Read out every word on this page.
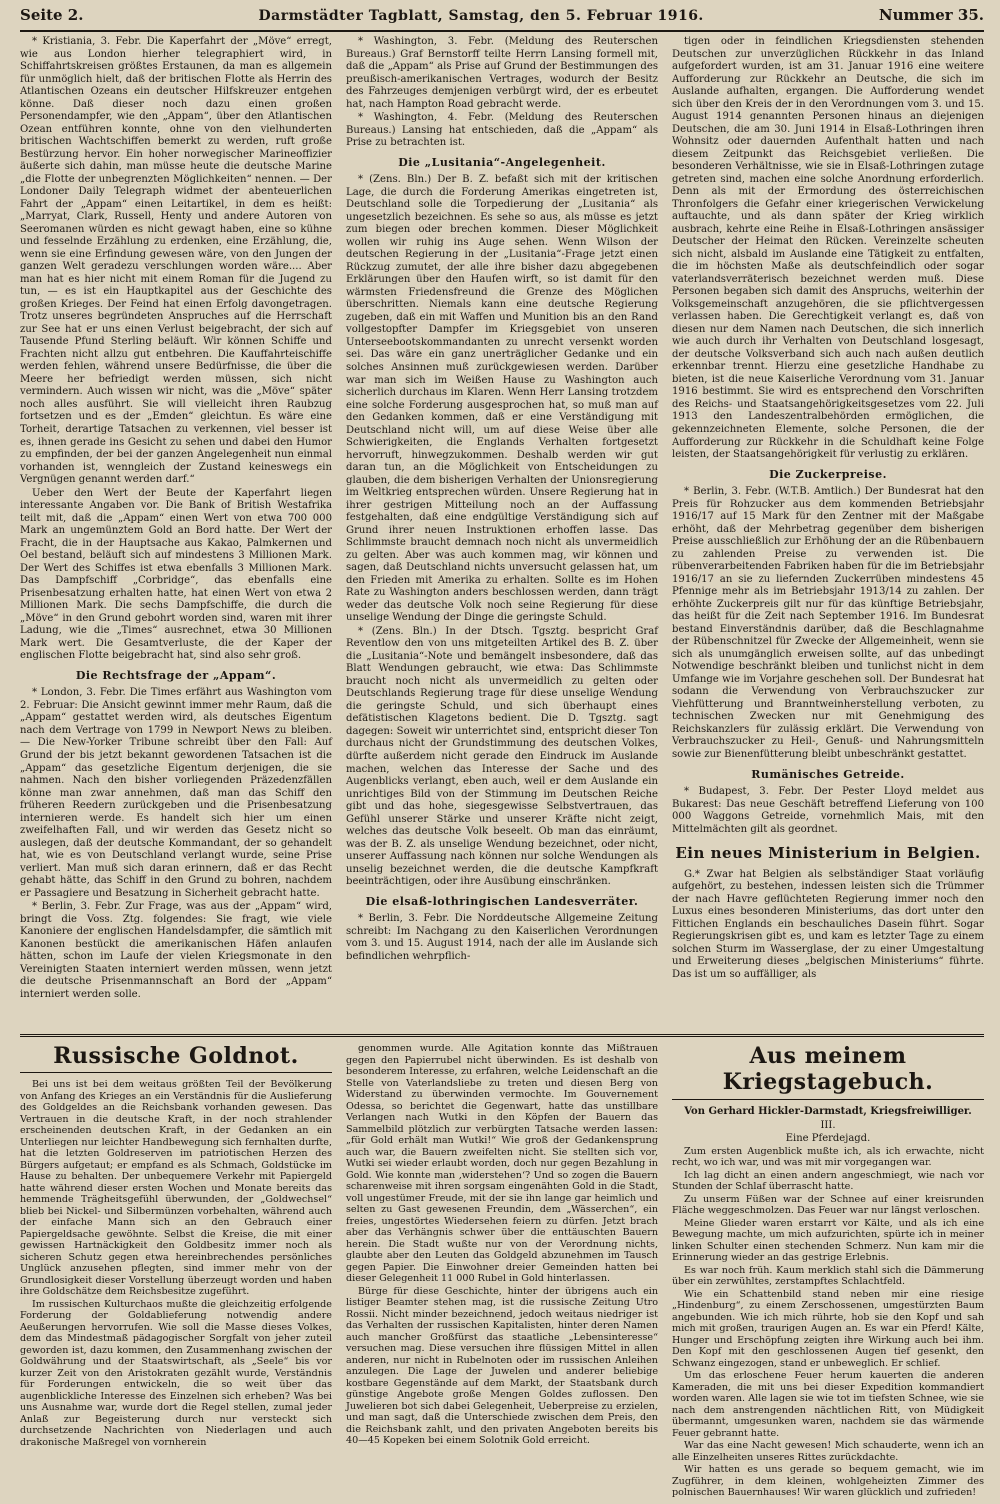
Seite 2.	Darmstädter Tagblatt, Samstag, den 5. Februar 1916.	Nummer 35.

* Kristiania, 3. Febr. Die Kaperfahrt der „Möve“ erregt, wie aus London hierher telegraphiert wird, in Schiffahrtskreisen größtes Erstaunen, da man es allgemein für unmöglich hielt, daß der britischen Flotte als Herrin des Atlantischen Ozeans ein deutscher Hilfskreuzer entgehen könne. Daß dieser noch dazu einen großen Personendampfer, wie den „Appam“, über den Atlantischen Ozean entführen konnte, ohne von den vielhunderten britischen Wachtschiffen bemerkt zu werden, ruft große Bestürzung hervor. Ein hoher norwegischer Marineoffizier äußerte sich dahin, man müsse heute die deutsche Marine „die Flotte der unbegrenzten Möglichkeiten“ nennen. — Der Londoner Daily Telegraph widmet der abenteuerlichen Fahrt der „Appam“ einen Leitartikel, in dem es heißt: „Marryat, Clark, Russell, Henty und andere Autoren von Seeromanen würden es nicht gewagt haben, eine so kühne und fesselnde Erzählung zu erdenken, eine Erzählung, die, wenn sie eine Erfindung gewesen wäre, von den Jungen der ganzen Welt geradezu verschlungen worden wäre.... Aber man hat es hier nicht mit einem Roman für die Jugend zu tun, — es ist ein Hauptkapitel aus der Geschichte des großen Krieges. Der Feind hat einen Erfolg davongetragen. Trotz unseres begründeten Anspruches auf die Herrschaft zur See hat er uns einen Verlust beigebracht, der sich auf Tausende Pfund Sterling beläuft. Wir können Schiffe und Frachten nicht allzu gut entbehren. Die Kauffahrteischiffe werden fehlen, während unsere Bedürfnisse, die über die Meere her befriedigt werden müssen, sich nicht vermindern. Auch wissen wir nicht, was die „Möve“ später noch alles ausführt. Sie will vielleicht ihren Raubzug fortsetzen und es der „Emden“ gleichtun. Es wäre eine Torheit, derartige Tatsachen zu verkennen, viel besser ist es, ihnen gerade ins Gesicht zu sehen und dabei den Humor zu empfinden, der bei der ganzen Angelegenheit nun einmal vorhanden ist, wenngleich der Zustand keineswegs ein Vergnügen genannt werden darf.“

Ueber den Wert der Beute der Kaperfahrt liegen interessante Angaben vor. Die Bank of British Westafrika teilt mit, daß die „Appam“ einen Wert von etwa 700 000 Mark an ungemünztem Gold an Bord hatte. Der Wert der Fracht, die in der Hauptsache aus Kakao, Palmkernen und Oel bestand, beläuft sich auf mindestens 3 Millionen Mark. Der Wert des Schiffes ist etwa ebenfalls 3 Millionen Mark. Das Dampfschiff „Corbridge“, das ebenfalls eine Prisenbesatzung erhalten hatte, hat einen Wert von etwa 2 Millionen Mark. Die sechs Dampfschiffe, die durch die „Möve“ in den Grund gebohrt worden sind, waren mit ihrer Ladung, wie die „Times“ ausrechnet, etwa 30 Millionen Mark wert. Die Gesamtverluste, die der Kaper der englischen Flotte beigebracht hat, sind also sehr groß.

Die Rechtsfrage der „Appam“.

* London, 3. Febr. Die Times erfährt aus Washington vom 2. Februar: Die Ansicht gewinnt immer mehr Raum, daß die „Appam“ gestattet werden wird, als deutsches Eigentum nach dem Vertrage von 1799 in Newport News zu bleiben. — Die New-Yorker Tribune schreibt über den Fall: Auf Grund der bis jetzt bekannt gewordenen Tatsachen ist die „Appam“ das gesetzliche Eigentum derjenigen, die sie nahmen. Nach den bisher vorliegenden Präzedenzfällen könne man zwar annehmen, daß man das Schiff den früheren Reedern zurückgeben und die Prisenbesatzung internieren werde. Es handelt sich hier um einen zweifelhaften Fall, und wir werden das Gesetz nicht so auslegen, daß der deutsche Kommandant, der so gehandelt hat, wie es von Deutschland verlangt wurde, seine Prise verliert. Man muß sich daran erinnern, daß er das Recht gehabt hätte, das Schiff in den Grund zu bohren, nachdem er Passagiere und Besatzung in Sicherheit gebracht hatte.

* Berlin, 3. Febr. Zur Frage, was aus der „Appam“ wird, bringt die Voss. Ztg. folgendes: Sie fragt, wie viele Kanoniere der englischen Handelsdampfer, die sämtlich mit Kanonen bestückt die amerikanischen Häfen anlaufen hätten, schon im Laufe der vielen Kriegsmonate in den Vereinigten Staaten interniert werden müssen, wenn jetzt die deutsche Prisenmannschaft an Bord der „Appam“ interniert werden solle.

* Washington, 3. Febr. (Meldung des Reuterschen Bureaus.) Graf Bernstorff teilte Herrn Lansing formell mit, daß die „Appam“ als Prise auf Grund der Bestimmungen des preußisch-amerikanischen Vertrages, wodurch der Besitz des Fahrzeuges demjenigen verbürgt wird, der es erbeutet hat, nach Hampton Road gebracht werde.

* Washington, 4. Febr. (Meldung des Reuterschen Bureaus.) Lansing hat entschieden, daß die „Appam“ als Prise zu betrachten ist.

Die „Lusitania“-Angelegenheit.

* (Zens. Bln.) Der B. Z. befaßt sich mit der kritischen Lage, die durch die Forderung Amerikas eingetreten ist, Deutschland solle die Torpedierung der „Lusitania“ als ungesetzlich bezeichnen. Es sehe so aus, als müsse es jetzt zum biegen oder brechen kommen. Dieser Möglichkeit wollen wir ruhig ins Auge sehen. Wenn Wilson der deutschen Regierung in der „Lusitania“-Frage jetzt einen Rückzug zumutet, der alle ihre bisher dazu abgegebenen Erklärungen über den Haufen wirft, so ist damit für den wärmsten Friedensfreund die Grenze des Möglichen überschritten. Niemals kann eine deutsche Regierung zugeben, daß ein mit Waffen und Munition bis an den Rand vollgestopfter Dampfer im Kriegsgebiet von unseren Unterseebootskommandanten zu unrecht versenkt worden sei. Das wäre ein ganz unerträglicher Gedanke und ein solches Ansinnen muß zurückgewiesen werden. Darüber war man sich im Weißen Hause zu Washington auch sicherlich durchaus im Klaren. Wenn Herr Lansing trotzdem eine solche Forderung ausgesprochen hat, so muß man auf den Gedanken kommen, daß er eine Verständigung mit Deutschland nicht will, um auf diese Weise über alle Schwierigkeiten, die Englands Verhalten fortgesetzt hervorruft, hinwegzukommen. Deshalb werden wir gut daran tun, an die Möglichkeit von Entscheidungen zu glauben, die dem bisherigen Verhalten der Unionsregierung im Weltkrieg entsprechen würden. Unsere Regierung hat in ihrer gestrigen Mitteilung noch an der Auffassung festgehalten, daß eine endgültige Verständigung sich auf Grund ihrer neuen Instruktionen erhoffen lasse. Das Schlimmste braucht demnach noch nicht als unvermeidlich zu gelten. Aber was auch kommen mag, wir können und sagen, daß Deutschland nichts unversucht gelassen hat, um den Frieden mit Amerika zu erhalten. Sollte es im Hohen Rate zu Washington anders beschlossen werden, dann trägt weder das deutsche Volk noch seine Regierung für diese unselige Wendung der Dinge die geringste Schuld.

* (Zens. Bln.) In der Dtsch. Tgsztg. bespricht Graf Reventlow den von uns mitgeteilten Artikel des B. Z. über die „Lusitania“-Note und bemängelt insbesondere, daß das Blatt Wendungen gebraucht, wie etwa: Das Schlimmste braucht noch nicht als unvermeidlich zu gelten oder Deutschlands Regierung trage für diese unselige Wendung die geringste Schuld, und sich überhaupt eines defätistischen Klagetons bedient. Die D. Tgsztg. sagt dagegen: Soweit wir unterrichtet sind, entspricht dieser Ton durchaus nicht der Grundstimmung des deutschen Volkes, dürfte außerdem nicht gerade den Eindruck im Auslande machen, welchen das Interesse der Sache und des Augenblicks verlangt, eben auch, weil er dem Auslande ein unrichtiges Bild von der Stimmung im Deutschen Reiche gibt und das hohe, siegesgewisse Selbstvertrauen, das Gefühl unserer Stärke und unserer Kräfte nicht zeigt, welches das deutsche Volk beseelt. Ob man das einräumt, was der B. Z. als unselige Wendung bezeichnet, oder nicht, unserer Auffassung nach können nur solche Wendungen als unselig bezeichnet werden, die die deutsche Kampfkraft beeinträchtigen, oder ihre Ausübung einschränken.

Die elsaß-lothringischen Landesverräter.

* Berlin, 3. Febr. Die Norddeutsche Allgemeine Zeitung schreibt: Im Nachgang zu den Kaiserlichen Verordnungen vom 3. und 15. August 1914, nach der alle im Auslande sich befindlichen wehrpflich-

tigen oder in feindlichen Kriegsdiensten stehenden Deutschen zur unverzüglichen Rückkehr in das Inland aufgefordert wurden, ist am 31. Januar 1916 eine weitere Aufforderung zur Rückkehr an Deutsche, die sich im Auslande aufhalten, ergangen. Die Aufforderung wendet sich über den Kreis der in den Verordnungen vom 3. und 15. August 1914 genannten Personen hinaus an diejenigen Deutschen, die am 30. Juni 1914 in Elsaß-Lothringen ihren Wohnsitz oder dauernden Aufenthalt hatten und nach diesem Zeitpunkt das Reichsgebiet verließen. Die besonderen Verhältnisse, wie sie in Elsaß-Lothringen zutage getreten sind, machen eine solche Anordnung erforderlich. Denn als mit der Ermordung des österreichischen Thronfolgers die Gefahr einer kriegerischen Verwickelung auftauchte, und als dann später der Krieg wirklich ausbrach, kehrte eine Reihe in Elsaß-Lothringen ansässiger Deutscher der Heimat den Rücken. Vereinzelte scheuten sich nicht, alsbald im Auslande eine Tätigkeit zu entfalten, die im höchsten Maße als deutschfeindlich oder sogar vaterlandsverräterisch bezeichnet werden muß. Diese Personen begaben sich damit des Anspruchs, weiterhin der Volksgemeinschaft anzugehören, die sie pflichtvergessen verlassen haben. Die Gerechtigkeit verlangt es, daß von diesen nur dem Namen nach Deutschen, die sich innerlich wie auch durch ihr Verhalten von Deutschland losgesagt, der deutsche Volksverband sich auch nach außen deutlich erkennbar trennt. Hierzu eine gesetzliche Handhabe zu bieten, ist die neue Kaiserliche Verordnung vom 31. Januar 1916 bestimmt. Sie wird es entsprechend den Vorschriften des Reichs- und Staatsangehörigkeitsgesetzes vom 22. Juli 1913 den Landeszentralbehörden ermöglichen, die gekennzeichneten Elemente, solche Personen, die der Aufforderung zur Rückkehr in die Schuldhaft keine Folge leisten, der Staatsangehörigkeit für verlustig zu erklären.

Die Zuckerpreise.

* Berlin, 3. Febr. (W.T.B. Amtlich.) Der Bundesrat hat den Preis für Rohzucker aus dem kommenden Betriebsjahr 1916/17 auf 15 Mark für den Zentner mit der Maßgabe erhöht, daß der Mehrbetrag gegenüber dem bisherigen Preise ausschließlich zur Erhöhung der an die Rübenbauern zu zahlenden Preise zu verwenden ist. Die rübenverarbeitenden Fabriken haben für die im Betriebsjahr 1916/17 an sie zu liefernden Zuckerrüben mindestens 45 Pfennige mehr als im Betriebsjahr 1913/14 zu zahlen. Der erhöhte Zuckerpreis gilt nur für das künftige Betriebsjahr, das heißt für die Zeit nach September 1916. Im Bundesrat bestand Einverständnis darüber, daß die Beschlagnahme der Rübenschnitzel für Zwecke der Allgemeinheit, wenn sie sich als unumgänglich erweisen sollte, auf das unbedingt Notwendige beschränkt bleiben und tunlichst nicht in dem Umfange wie im Vorjahre geschehen soll. Der Bundesrat hat sodann die Verwendung von Verbrauchszucker zur Viehfütterung und Branntweinherstellung verboten, zu technischen Zwecken nur mit Genehmigung des Reichskanzlers für zulässig erklärt. Die Verwendung von Verbrauchszucker zu Heil-, Genuß- und Nahrungsmitteln sowie zur Bienenfütterung bleibt unbeschränkt gestattet.

Rumänisches Getreide.

* Budapest, 3. Febr. Der Pester Lloyd meldet aus Bukarest: Das neue Geschäft betreffend Lieferung von 100 000 Waggons Getreide, vornehmlich Mais, mit den Mittelmächten gilt als geordnet.

Ein neues Ministerium in Belgien.

G.* Zwar hat Belgien als selbständiger Staat vorläufig aufgehört, zu bestehen, indessen leisten sich die Trümmer der nach Havre geflüchteten Regierung immer noch den Luxus eines besonderen Ministeriums, das dort unter den Fittichen Englands ein beschauliches Dasein führt. Sogar Regierungskrisen gibt es, und kam es letzter Tage zu einem solchen Sturm im Wasserglase, der zu einer Umgestaltung und Erweiterung dieses „belgischen Ministeriums“ führte. Das ist um so auffälliger, als

Russische Goldnot.

Bei uns ist bei dem weitaus größten Teil der Bevölkerung von Anfang des Krieges an ein Verständnis für die Auslieferung des Goldgeldes an die Reichsbank vorhanden gewesen. Das Vertrauen in die deutsche Kraft, in der noch strahlender erscheinenden deutschen Kraft, in der Gedanken an ein Unterliegen nur leichter Handbewegung sich fernhalten durfte, hat die letzten Goldreserven im patriotischen Herzen des Bürgers aufgetaut; er empfand es als Schmach, Goldstücke im Hause zu behalten. Der unbequemere Verkehr mit Papiergeld hatte während dieser ersten Wochen und Monate bereits das hemmende Trägheitsgefühl überwunden, der „Goldwechsel“ blieb bei Nickel- und Silbermünzen vorbehalten, während auch der einfache Mann sich an den Gebrauch einer Papiergeldsache gewöhnte. Selbst die Kreise, die mit einer gewissen Hartnäckigkeit den Goldbesitz immer noch als sicheren Schutz gegen etwa hereinbrechendes persönliches Unglück anzusehen pflegten, sind immer mehr von der Grundlosigkeit dieser Vorstellung überzeugt worden und haben ihre Goldschätze dem Reichsbesitze zugeführt.

Im russischen Kulturchaos mußte die gleichzeitig erfolgende Forderung der Goldablieferung notwendig andere Aeußerungen hervorrufen. Wie soll die Masse dieses Volkes, dem das Mindestmaß pädagogischer Sorgfalt von jeher zuteil geworden ist, dazu kommen, den Zusammenhang zwischen der Goldwährung und der Staatswirtschaft, als „Seele“ bis vor kurzer Zeit von den Aristokraten gezählt wurde, Verständnis für Forderungen entwickeln, die so weit über das augenblickliche Interesse des Einzelnen sich erheben? Was bei uns Ausnahme war, wurde dort die Regel stellen, zumal jeder Anlaß zur Begeisterung durch nur versteckt sich durchsetzende Nachrichten von Niederlagen und auch drakonische Maßregel von vornherein

genommen wurde. Alle Agitation konnte das Mißtrauen gegen den Papierrubel nicht überwinden. Es ist deshalb von besonderem Interesse, zu erfahren, welche Leidenschaft an die Stelle von Vaterlandsliebe zu treten und diesen Berg von Widerstand zu überwinden vermochte. Im Gouvernement Odessa, so berichtet die Gegenwart, hatte das unstillbare Verlangen nach Wutki in den Köpfen der Bauern das Sammelbild plötzlich zur verbürgten Tatsache werden lassen: „für Gold erhält man Wutki!“ Wie groß der Gedankensprung auch war, die Bauern zweifelten nicht. Sie stellten sich vor, Wutki sei wieder erlaubt worden, doch nur gegen Bezahlung in Gold. Wie konnte man ‚widerstehen‘? Und so zogen die Bauern scharenweise mit ihren sorgsam eingenähten Gold in die Stadt, voll ungestümer Freude, mit der sie ihn lange gar heimlich und selten zu Gast gewesenen Freundin, dem „Wässerchen“, ein freies, ungestörtes Wiedersehen feiern zu dürfen. Jetzt brach aber das Verhängnis schwer über die enttäuschten Bauern herein. Die Stadt wußte nur von der Verordnung nichts, glaubte aber den Leuten das Goldgeld abzunehmen im Tausch gegen Papier. Die Einwohner dreier Gemeinden hatten bei dieser Gelegenheit 11 000 Rubel in Gold hinterlassen.

Bürge für diese Geschichte, hinter der übrigens auch ein listiger Beamter stehen mag, ist die russische Zeitung Utro Rossii. Nicht minder bezeichnend, jedoch weitaus niedriger ist das Verhalten der russischen Kapitalisten, hinter deren Namen auch mancher Großfürst das staatliche „Lebensinteresse“ versuchen mag. Diese versuchen ihre flüssigen Mittel in allen anderen, nur nicht in Rubelnoten oder im russischen Anleihen anzulegen. Die Lage der Juwelen und anderer beliebige kostbare Gegenstände auf dem Markt, der Staatsbank durch günstige Angebote große Mengen Goldes zuflossen. Den Juwelieren bot sich dabei Gelegenheit, Ueberpreise zu erzielen, und man sagt, daß die Unterschiede zwischen dem Preis, den die Reichsbank zahlt, und den privaten Angeboten bereits bis 40—45 Kopeken bei einem Solotnik Gold erreicht.

Aus meinem Kriegstagebuch.
Von Gerhard Hickler-Darmstadt, Kriegsfreiwilliger.
III.
Eine Pferdejagd.

Zum ersten Augenblick mußte ich, als ich erwachte, nicht recht, wo ich war, und was mit mir vorgegangen war.

Ich lag dicht an einen andern angeschmiegt, wie nach vor Stunden der Schlaf überrascht hatte.

Zu unserm Füßen war der Schnee auf einer kreisrunden Fläche weggeschmolzen. Das Feuer war nur längst verloschen.

Meine Glieder waren erstarrt vor Kälte, und als ich eine Bewegung machte, um mich aufzurichten, spürte ich in meiner linken Schulter einen stechenden Schmerz. Nun kam mir die Erinnerung wieder an das gestrige Erlebnis.

Es war noch früh. Kaum merklich stahl sich die Dämmerung über ein zerwühltes, zerstampftes Schlachtfeld.

Wie ein Schattenbild stand neben mir eine riesige „Hindenburg“, zu einem Zerschossenen, umgestürzten Baum angebunden. Wie ich mich rührte, hob sie den Kopf und sah mich mit großen, traurigen Augen an. Es war ein Pferd! Kälte, Hunger und Erschöpfung zeigten ihre Wirkung auch bei ihm. Den Kopf mit den geschlossenen Augen tief gesenkt, den Schwanz eingezogen, stand er unbeweglich. Er schlief.

Um das erloschene Feuer herum kauerten die anderen Kameraden, die mit uns bei dieser Expedition kommandiert worden waren. Alle lagen sie wie tot im tiefsten Schnee, wie sie nach dem anstrengenden nächtlichen Ritt, von Müdigkeit übermannt, umgesunken waren, nachdem sie das wärmende Feuer gebrannt hatte.

War das eine Nacht gewesen! Mich schauderte, wenn ich an alle Einzelheiten unseres Rittes zurückdachte.

Wir hatten es uns gerade so bequem gemacht, wie im Zugführer, in dem kleinen, wohlgeheizten Zimmer des polnischen Bauernhauses! Wir waren glücklich und zufrieden!
